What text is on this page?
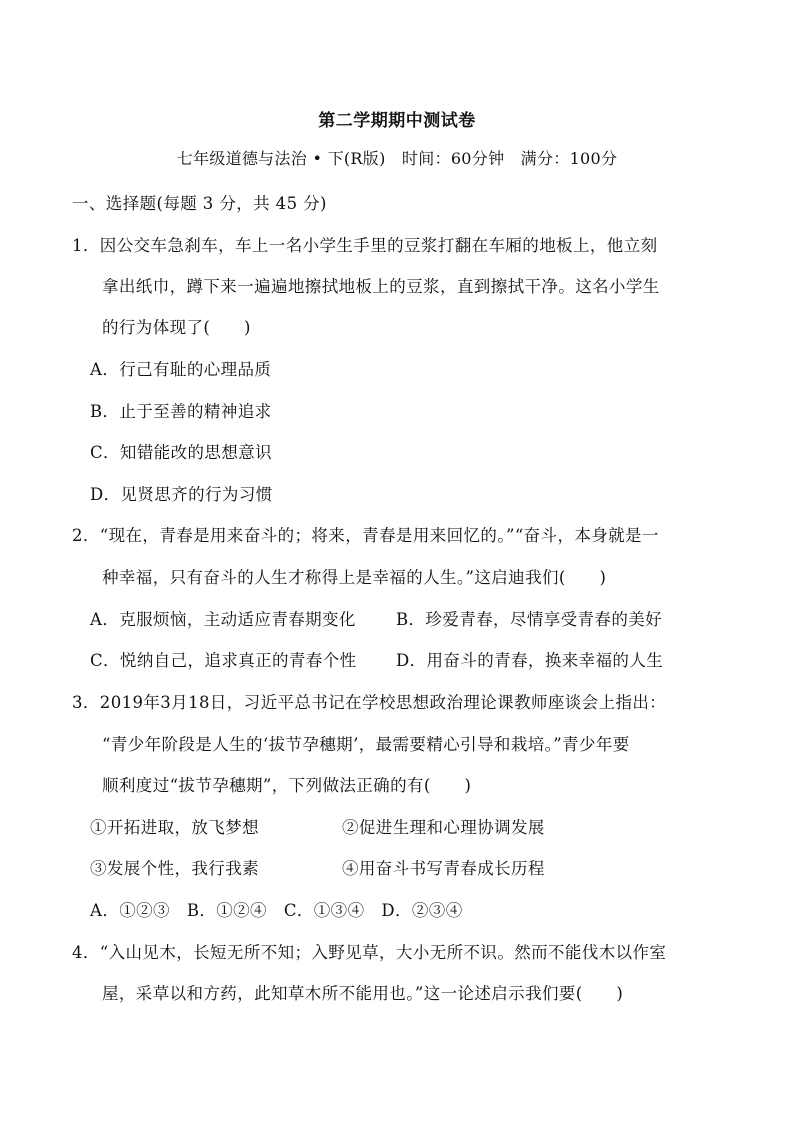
第二学期期中测试卷
七年级道德与法治 • 下(R版)　时间：60分钟　满分：100分
一、选择题(每题 3 分，共 45 分)
1．因公交车急刹车，车上一名小学生手里的豆浆打翻在车厢的地板上，他立刻
拿出纸巾，蹲下来一遍遍地擦拭地板上的豆浆，直到擦拭干净。这名小学生
的行为体现了(　　)
A．行己有耻的心理品质
B．止于至善的精神追求
C．知错能改的思想意识
D．见贤思齐的行为习惯
2．“现在，青春是用来奋斗的；将来，青春是用来回忆的。”“奋斗，本身就是一
种幸福，只有奋斗的人生才称得上是幸福的人生。”这启迪我们(　　)
A．克服烦恼，主动适应青春期变化 B．珍爱青春，尽情享受青春的美好
C．悦纳自己，追求真正的青春个性 D．用奋斗的青春，换来幸福的人生
3．2019年3月18日，习近平总书记在学校思想政治理论课教师座谈会上指出：
“青少年阶段是人生的‘拔节孕穗期’，最需要精心引导和栽培。”青少年要
顺利度过“拔节孕穗期”，下列做法正确的有(　　)
①开拓进取，放飞梦想	②促进生理和心理协调发展
③发展个性，我行我素	④用奋斗书写青春成长历程
A．①②③　B．①②④　C．①③④　D．②③④
4．“入山见木，长短无所不知；入野见草，大小无所不识。然而不能伐木以作室
屋，采草以和方药，此知草木所不能用也。”这一论述启示我们要(　　)
